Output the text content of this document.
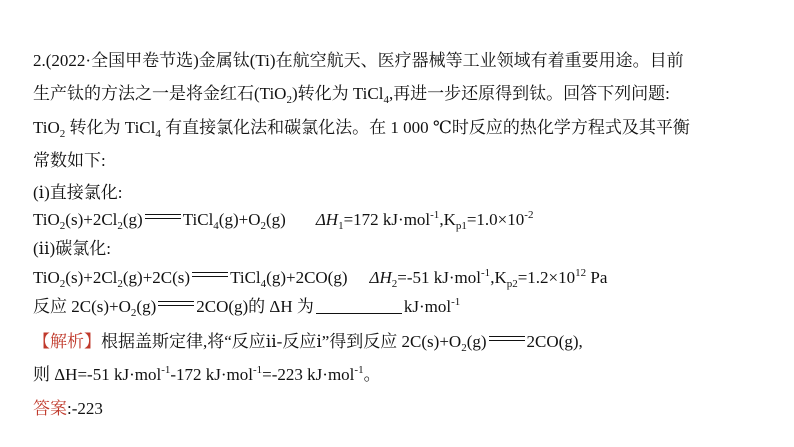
2.(2022·全国甲卷节选)金属钛(Ti)在航空航天、医疗器械等工业领域有着重要用途。目前
生产钛的方法之一是将金红石(TiO$_2$)转化为 TiCl$_4$,再进一步还原得到钛。回答下列问题:
TiO$_2$ 转化为 TiCl$_4$ 有直接氯化法和碳氯化法。在 1 000 ℃时反应的热化学方程式及其平衡
常数如下:
(ⅰ)直接氯化:
$TiO_2(s)+2Cl_2(g)$ $TiCl_4(g)+O_2(g)$ $\Delta H_1=172$ $kJ\cdot mol^{-1},K_{p1}=1.0\times 10^{-2}$
(ⅱ)碳氯化:
$TiO_2(s)+2Cl_2(g)+2C(s)$ TiCl$_4$(g)+2CO(g) $\Delta H_2=-51$ $kJ\cdot mol^{-1},K_{p2}=1.2\times 10^{12}$ Pa
反应 $2C(s)+O_2(g)$ 2CO(g)的 ΔH 为	kJ·mol$^{-1}$
【解析】根据盖斯定律,将“反应ⅱ-反应ⅰ”得到反应 $2C(s)+O_2(g)$ 2CO(g),
则 ΔH=-51 kJ·mol$^{-1}$-172 kJ·mol$^{-1}$=-223 kJ·mol$^{-1}$。
答案:-223
